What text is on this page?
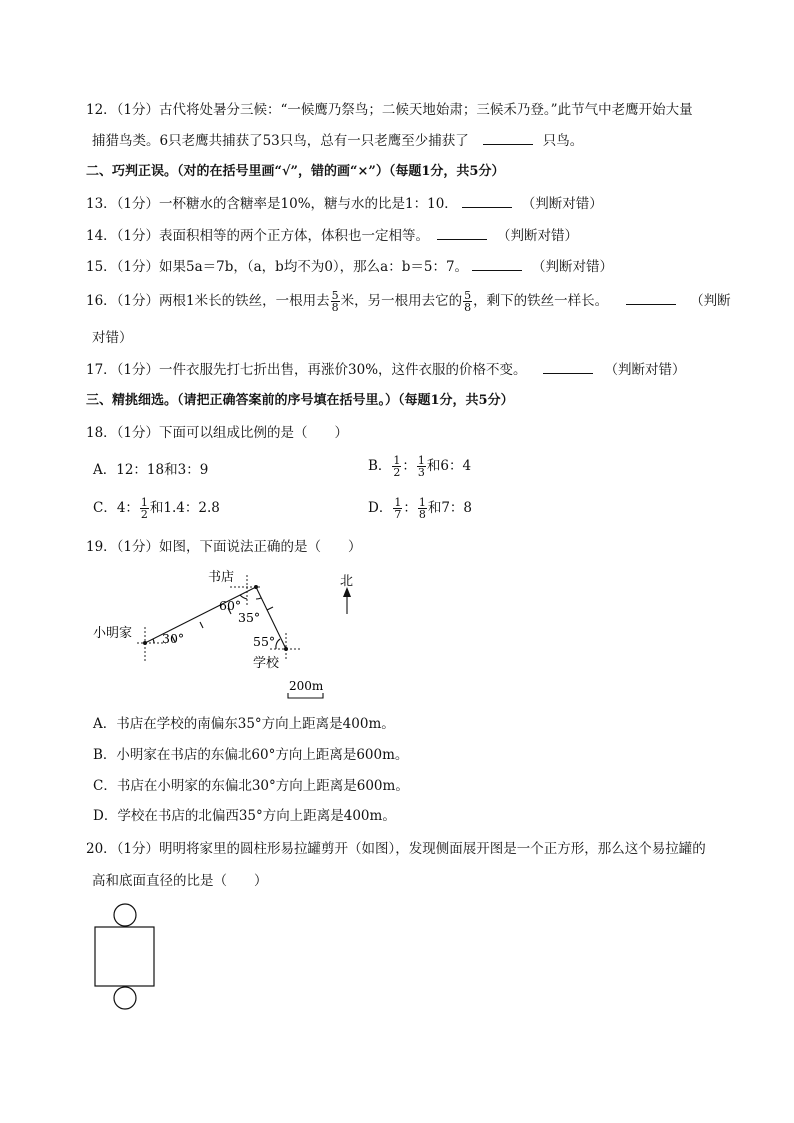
12．（1分）古代将处暑分三候：“一候鹰乃祭鸟；二候天地始肃；三候禾乃登。”此节气中老鹰开始大量
捕猎鸟类。6只老鹰共捕获了53只鸟，总有一只老鹰至少捕获了	只鸟。
二、巧判正误。（对的在括号里画“√”，错的画“×”）（每题1分，共5分）
13．（1分）一杯糖水的含糖率是10%，糖与水的比是1：10．	（判断对错）
14．（1分）表面积相等的两个正方体，体积也一定相等。	（判断对错）
15．（1分）如果5a＝7b，（a，b均不为0），那么a：b＝5：7。	（判断对错）
16．（1分）两根1米长的铁丝，一根用去 $\frac{5}{8}$ 米，另一根用去它的 $\frac{5}{8}$ ，剩下的铁丝一样长。	（判断
对错）
17．（1分）一件衣服先打七折出售，再涨价30%，这件衣服的价格不变。	（判断对错）
三、精挑细选。（请把正确答案前的序号填在括号里。）（每题1分，共5分）
18．（1分）下面可以组成比例的是（　　）
A．12：18和3：9	B． $\frac{1}{2}$ ： $\frac{1}{3}$ 和6：4
C．4： $\frac{1}{2}$ 和1.4：2.8	D． $\frac{1}{7}$ ： $\frac{1}{8}$ 和7：8
19．（1分）如图，下面说法正确的是（　　）
书店
小明家
学校
北
60°
35°
55°
30°
200m
A．书店在学校的南偏东35°方向上距离是400m。
B．小明家在书店的东偏北60°方向上距离是600m。
C．书店在小明家的东偏北30°方向上距离是600m。
D．学校在书店的北偏西35°方向上距离是400m。
20．（1分）明明将家里的圆柱形易拉罐剪开（如图），发现侧面展开图是一个正方形，那么这个易拉罐的
高和底面直径的比是（　　）
